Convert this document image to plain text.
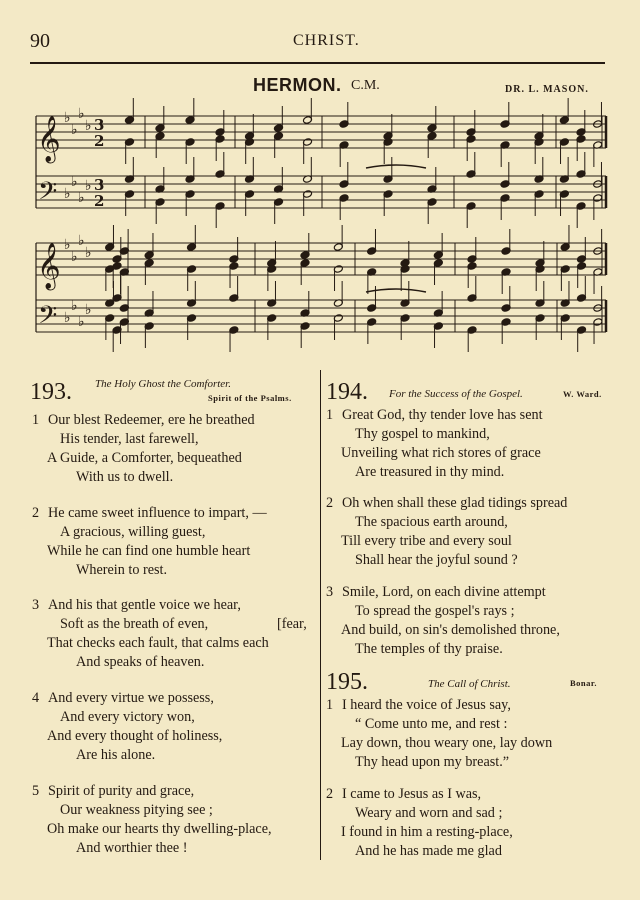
90	CHRIST.
HERMON. C.M.	DR. L. MASON.
𝄞
𝄢
♭
♭
♭
♭
♭
♭
♭
♭
3
2
3
2
𝄞
𝄢
♭
♭
♭
♭
♭
♭
♭
♭
193. The Holy Ghost the Comforter.
Spirit of the Psalms.
1 Our blest Redeemer, ere he breathed
His tender, last farewell,
A Guide, a Comforter, bequeathed
With us to dwell.
2 He came sweet influence to impart, —
A gracious, willing guest,
While he can find one humble heart
Wherein to rest.
3 And his that gentle voice we hear,
Soft as the breath of even,	[fear,
That checks each fault, that calms each
And speaks of heaven.
4 And every virtue we possess,
And every victory won,
And every thought of holiness,
Are his alone.
5 Spirit of purity and grace,
Our weakness pitying see ;
Oh make our hearts thy dwelling-place,
And worthier thee !
194. For the Success of the Gospel.	W. Ward.
1 Great God, thy tender love has sent
Thy gospel to mankind,
Unveiling what rich stores of grace
Are treasured in thy mind.
2 Oh when shall these glad tidings spread
The spacious earth around,
Till every tribe and every soul
Shall hear the joyful sound ?
3 Smile, Lord, on each divine attempt
To spread the gospel's rays ;
And build, on sin's demolished throne,
The temples of thy praise.
195.	The Call of Christ.	Bonar.
1 I heard the voice of Jesus say,
“ Come unto me, and rest :
Lay down, thou weary one, lay down
Thy head upon my breast.”
2 I came to Jesus as I was,
Weary and worn and sad ;
I found in him a resting-place,
And he has made me glad
